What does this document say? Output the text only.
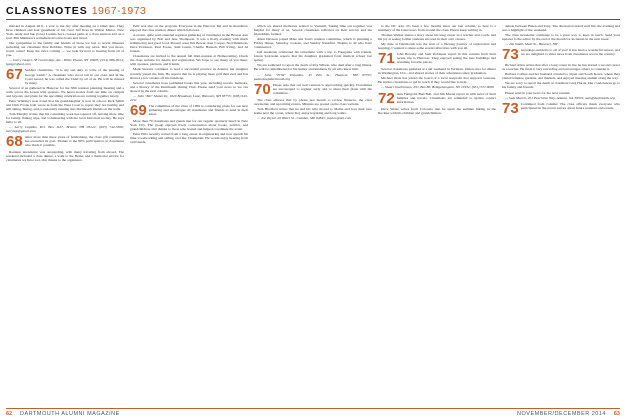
CLASSNOTES 1967-1973

married in August 2011, a year to the day after meeting on a blind date. They have children and four grandkids of his own! Jeff lives in Wilton Manor, New York. Andy and Sue (Lisa) Loomis have crossed paths at a class reunion and on a trail. Bill Smithson's retirement involves boats and travel.

Our sympathies to the family and friends of those we lost to recent illnesses including our classmate Pete Robbins. Write in with any news. Did you move, travel, retire? Keep the news coming — we look forward to hearing from all of you.

— Larry Geiger, 38 Greenridge Ave., White Plains, NY 10605; (914) 686-9914; lgeiger@aol.com

67 Saddest classmates, "It is my sad duty to write of the passing of George Lamb." A classmate who stood tall in our class and in the Coast Guard; he was called the Chief by all of us. He will be missed by many.

Several of us gathered in Hanover for the 50th reunion planning meeting and a walk across the Green with spouses. We heard stories from our time on campus and beyond, and plans for the upcoming celebration are coming together nicely.

Peter Whiting's note noted that his granddaughter is now in school. Rick Smith and Dick Evans both wrote in from the West Coast to report they are healthy and still skiing, hiking, and occasionally running into Dartmouth friends on the trails.

Tom Murphy writes that his consulting work has tapered off, leaving more time for family, fishing trips, and volunteering with the local historical society. He says hello to all.

— Larry Lapidus, P.O. Box 1167, Bristol, NH 03222; (603) 744-3306; larrylap@gmail.com

68 After more than three years of fundraising, the class gift committee has exceeded its goal. Thanks to the 80% participation of classmates who made it possible.

Reunion attendance was outstanding, with many traveling from abroad. The weekend included a class dinner, a walk to the Bema, and a memorial service for classmates we have lost. Our thanks to the organizers.

Pelli was also on the program. Everyone in the Hanover Inn and in attendance enjoyed the class reunion dinner which followed.

A recent, quite well-attended regional gathering of classmates in the Boston area was organized by Bob and Jane Thompson. It was a lively evening with much reminiscing and good food. Present were Jim Bower, Ken Cooper, Ned Dennison, Dave Erickson, Paul Foster, Sam Green, Charlie Hanson, Bill Irving, and Al Jensen.

Classmates are invited to the annual fall mini-reunion at Homecoming. Check the class website for details and registration. We hope to see many of you there, with spouses, partners, and friends.

Mark Stevens continues to lead a successful practice in Atlanta; his daughter recently joined the firm. He reports that he is playing more golf than ever and has shaved a few strokes off his handicap.

Several classmates have published books this year, including novels, memoirs, and a history of the Dartmouth Outing Club. Please send your news so we can share it in the next column.

— John "Mo" Shakerley, 1620 Broadway Lane, Hanover, NH 03755; (603) 643-2211

69 The committee of the class of 1969 is considering plans for our next gathering and encourages all classmates and friends to send in their ideas.

More than 70 classmates and guests met for our regular quarterly lunch in New York City. The group enjoyed lively conversation about books, politics, and grandchildren. Our thanks to those who hosted and helped coordinate the event.

Peter Ellis recently retired from a long career in engineering and now spends his time woodworking and sailing on Lake Champlain. He would enjoy hearing from old friends.

which we shared memories related to Vietnam. Taking time out together was helpful for many of us. Several classmates reflected on their service and the friendships formed.

Allen Davison joined Mike and Tom's reunion committee, which is planning a Friday dinner, Saturday cookout, and Sunday breakfast. Thanks to all who have volunteered.

Jeff Andersen celebrated his retirement with a trip to Patagonia with friends. Glenn Sadowski reports that his daughter graduated from medical school last spring.

We are saddened to report the death of Ray Wilson, who died after a long illness. He will be remembered for his humor and kindness by all who knew him.

— John "Fritz" Palumbo, 45 Elm St., Hanover, NH 03755; palumbo@dartmouth.org

70 Please note that our next reunion is approaching quickly. Classmates are encouraged to register early and to share their plans with the committee.

The class officers met by phone last month to review finances, the class newsletter, and upcoming events. Minutes are posted on the class website.

Tom Bradford writes that he and his wife moved to Maine and love their new home near the ocean, where they enjoy kayaking and long walks.

— Joe Taylor, 20 Water St., Camden, ME 04843; jtaylor@aol.com

to the DC area. It's been a few months since our last column, so here is a summary of the latest news from around the class. Please keep writing in.

Thomas Walker shares a story about his long career as a teacher and coach, and his joy at seeing former students succeed in their own careers.

My time at Dartmouth was the start of a lifelong journey of exploration and learning. I wanted to share some recent reflections with you all.

71 John Bowsky and Sam Robinson report in this column from their recent trip to Hanover. They enjoyed seeing the new buildings and revisiting favorite places.

Several classmates gathered at a ski weekend in Vermont. Others met for dinner in Washington, D.C., and shared stories of their adventures since graduation.

Michael Ortiz has joined the board of a local nonprofit that supports veterans. He invites classmates to get in touch if they would like to help.

— Stuart Joachimson, P.O. Box 80, Bridgehampton, NY 11932; (631) 537-0000

72 Ann Feingold, Bud Bell, and Jim Moran report in with news of their families and travels. Classmates are reminded to update contact information.

Dave Weiss writes from Colorado that he spent the summer hiking in the Rockies with his children and grandchildren.

debate between Helen and Tony. The discussion lasted well into the evening and was a highlight of the weekend.

The class newsletter continues to be a great way to keep in touch. Send your updates to the editor by the end of the month for inclusion in the next issue.

— Jim Smith, Main St., Hanover, NH

73 Greetings and hello to all of you! It has been a wonderful season, and we are delighted to share news from classmates across the country.

Richard Allen writes that after a long career in law he has started a second career as a teacher. He finds it very rewarding and encourages others to consider it.

Barbara Collins and her husband traveled to Japan and South Korea, where they visited temples, gardens, and markets, and enjoyed meeting alumni along the way.

We are sorry to report the death of classmate Greg Harris. Our condolences go to his family and friends.

Please send in your news for the next column.

— Sam Morris, 201 Peachtree Way, Atlanta, GA 30301; sam@dartmouth.org

73 Continued from column: The class officers thank everyone who participated in the recent survey about future reunions and events.
62 DARTMOUTH ALUMNI MAGAZINE	NOVEMBER/DECEMBER 2014 63
